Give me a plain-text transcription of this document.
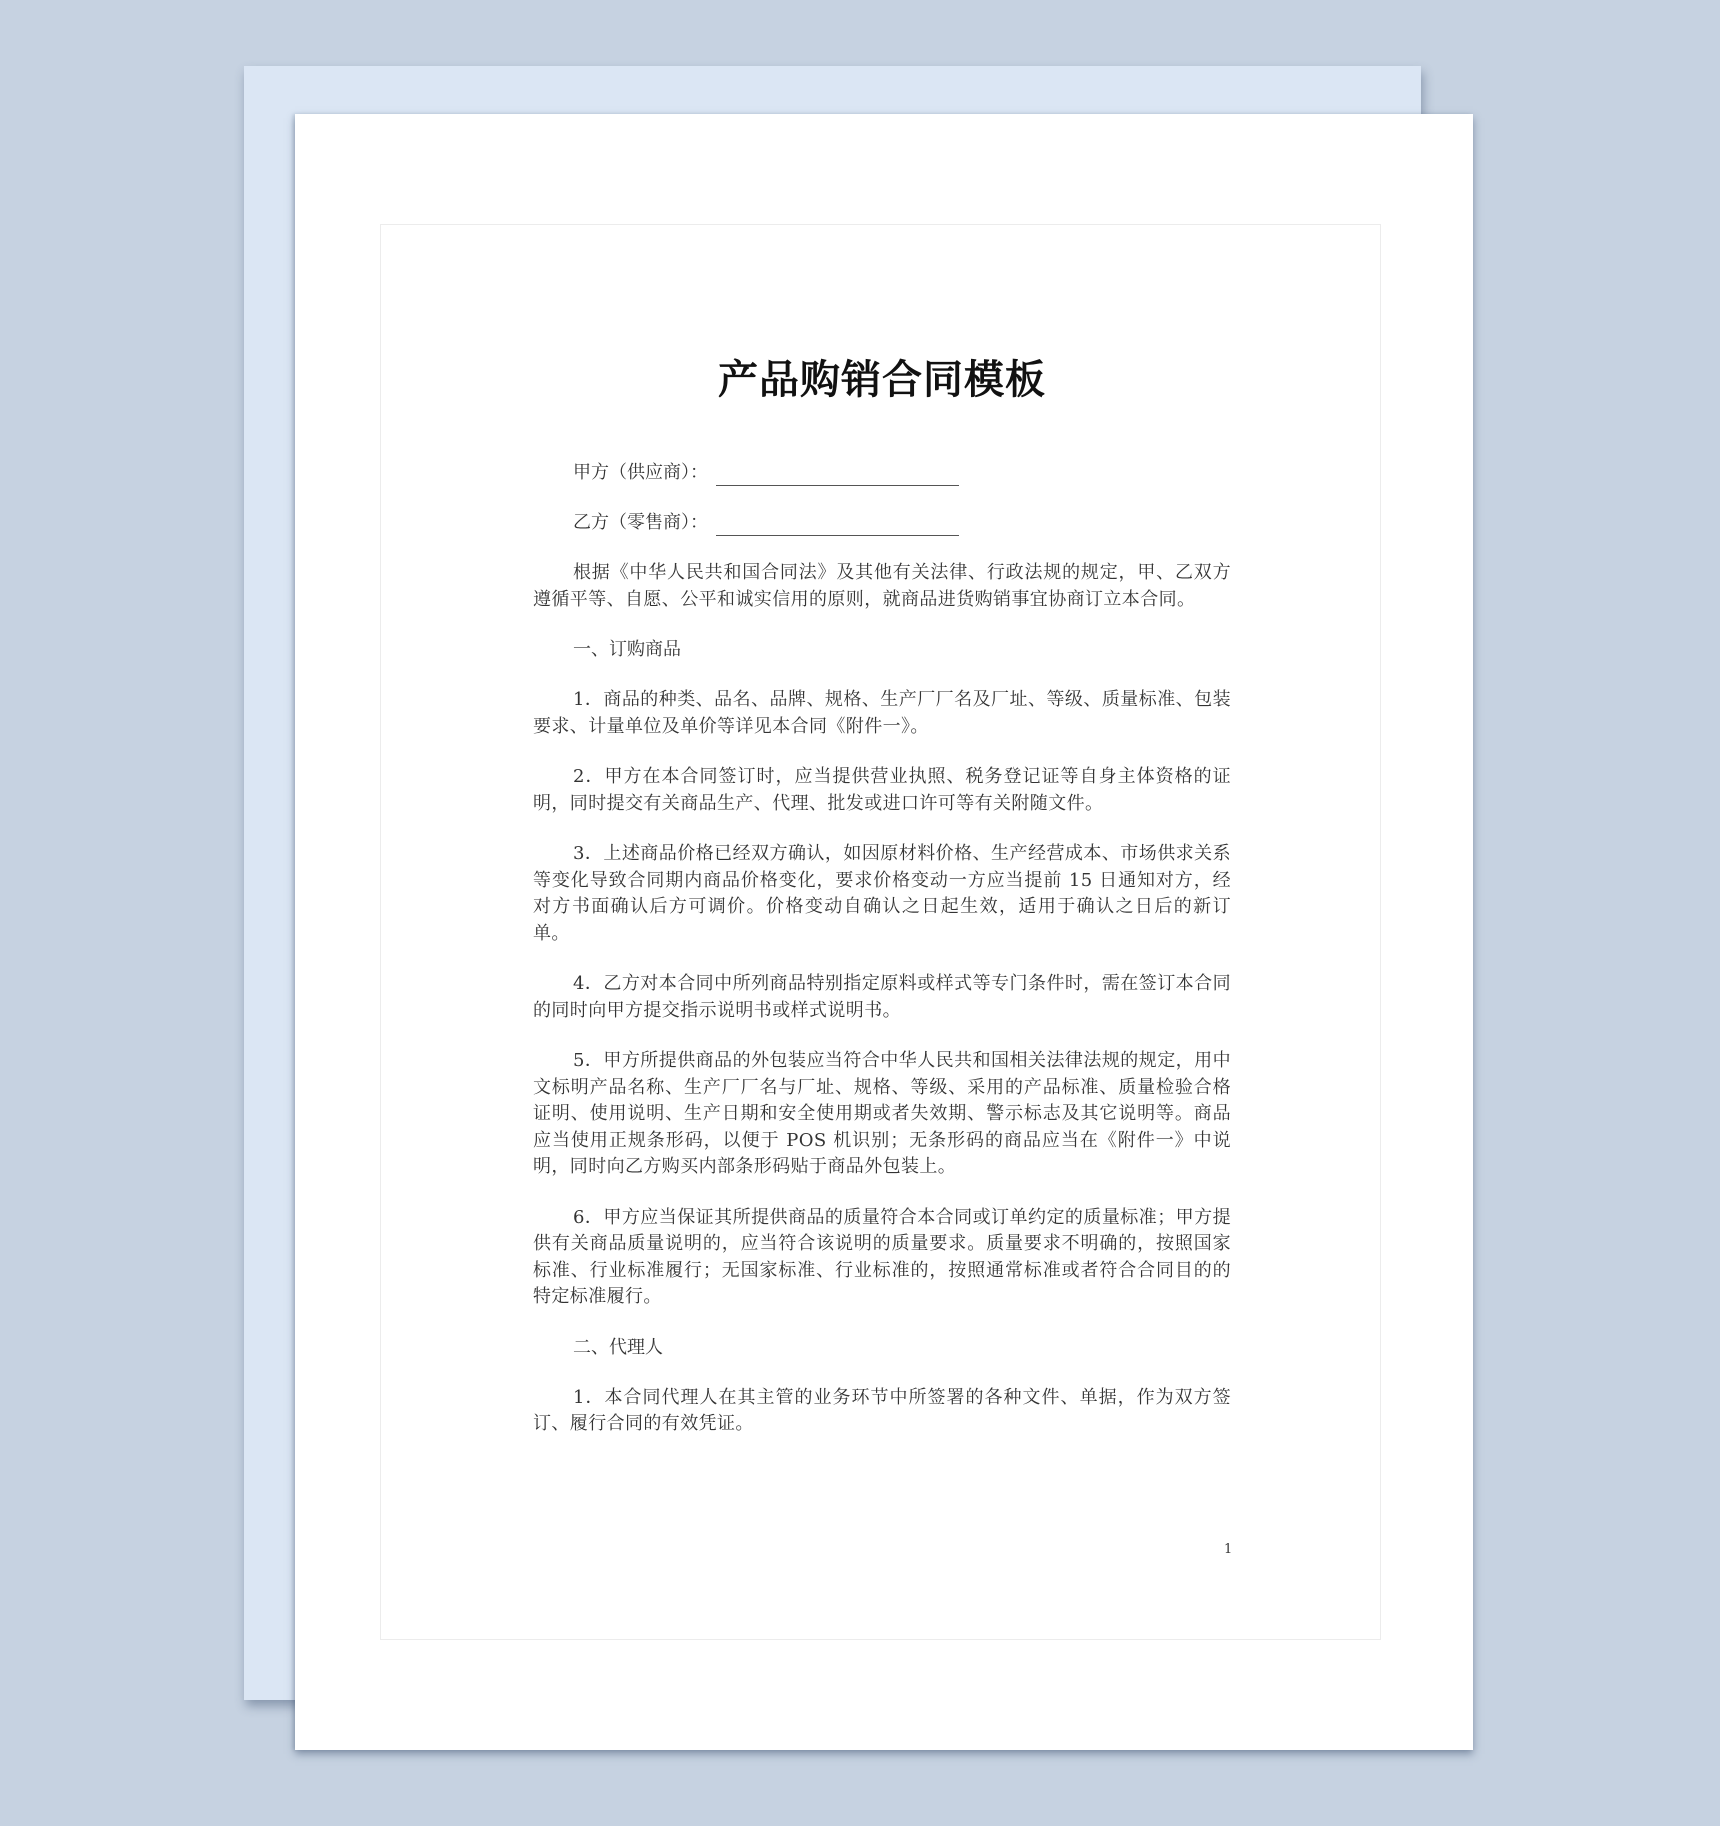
产品购销合同模板
甲方（供应商）：
乙方（零售商）：

根据《中华人民共和国合同法》及其他有关法律、行政法规的规定，甲、乙双方遵循平等、自愿、公平和诚实信用的原则，就商品进货购销事宜协商订立本合同。

一、订购商品

1．商品的种类、品名、品牌、规格、生产厂厂名及厂址、等级、质量标准、包装要求、计量单位及单价等详见本合同《附件一》。

2．甲方在本合同签订时，应当提供营业执照、税务登记证等自身主体资格的证明，同时提交有关商品生产、代理、批发或进口许可等有关附随文件。

3．上述商品价格已经双方确认，如因原材料价格、生产经营成本、市场供求关系等变化导致合同期内商品价格变化，要求价格变动一方应当提前 15 日通知对方，经对方书面确认后方可调价。价格变动自确认之日起生效，适用于确认之日后的新订单。

4．乙方对本合同中所列商品特别指定原料或样式等专门条件时，需在签订本合同的同时向甲方提交指示说明书或样式说明书。

5．甲方所提供商品的外包装应当符合中华人民共和国相关法律法规的规定，用中文标明产品名称、生产厂厂名与厂址、规格、等级、采用的产品标准、质量检验合格证明、使用说明、生产日期和安全使用期或者失效期、警示标志及其它说明等。商品应当使用正规条形码，以便于 POS 机识别；无条形码的商品应当在《附件一》中说明，同时向乙方购买内部条形码贴于商品外包装上。

6．甲方应当保证其所提供商品的质量符合本合同或订单约定的质量标准；甲方提供有关商品质量说明的，应当符合该说明的质量要求。质量要求不明确的，按照国家标准、行业标准履行；无国家标准、行业标准的，按照通常标准或者符合合同目的的特定标准履行。

二、代理人

1．本合同代理人在其主管的业务环节中所签署的各种文件、单据，作为双方签订、履行合同的有效凭证。

1
